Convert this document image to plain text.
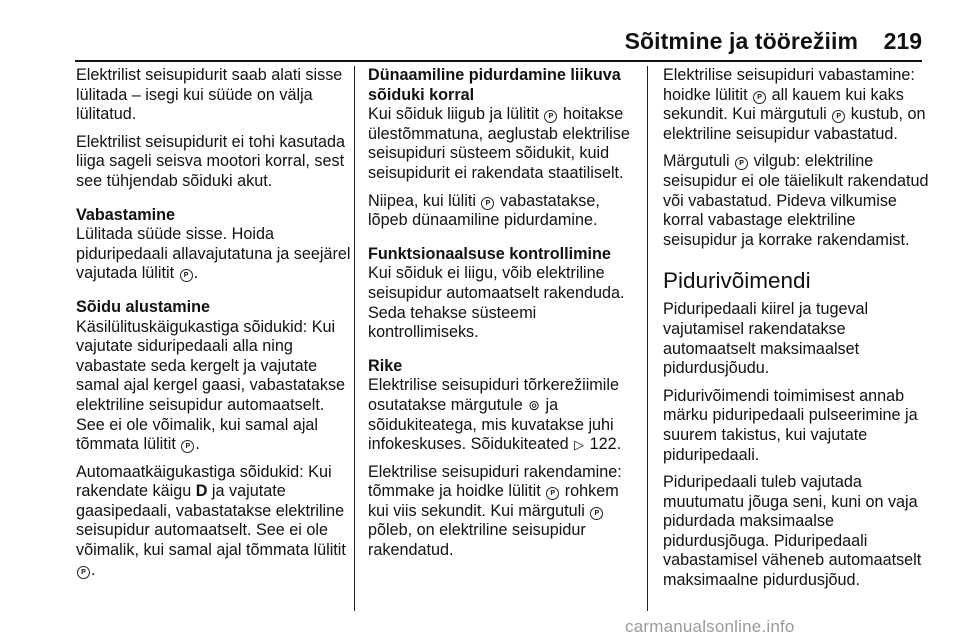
Sõitmine ja töörežiim 219

Elektrilist seisupidurit saab alati sisse lülitada – isegi kui süüde on välja lülitatud.

Elektrilist seisupidurit ei tohi kasutada liiga sageli seisva mootori korral, sest see tühjendab sõiduki akut.

Vabastamine

Lülitada süüde sisse. Hoida piduripedaali allavajutatuna ja seejärel vajutada lülitit P .

Sõidu alustamine

Käsilülituskäigukastiga sõidukid: Kui vajutate siduripedaali alla ning vabastate seda kergelt ja vajutate samal ajal kergel gaasi, vabastatakse elektriline seisupidur automaatselt. See ei ole võimalik, kui samal ajal tõmmata lülitit P .

Automaatkäigukastiga sõidukid: Kui rakendate käigu D ja vajutate gaasipedaali, vabastatakse elektriline seisupidur automaatselt. See ei ole võimalik, kui samal ajal tõmmata lülitit P .

Dünaamiline pidurdamine liikuva sõiduki korral

Kui sõiduk liigub ja lülitit P hoitakse ülestõmmatuna, aeglustab elektrilise seisupiduri süsteem sõidukit, kuid seisupidurit ei rakendata staatiliselt.

Niipea, kui lüliti P vabastatakse, lõpeb dünaamiline pidurdamine.

Funktsionaalsuse kontrollimine

Kui sõiduk ei liigu, võib elektriline seisupidur automaatselt rakenduda. Seda tehakse süsteemi kontrollimiseks.

Rike

Elektrilise seisupiduri tõrkerežiimile osutatakse märgutule ⊚ ja sõidukiteatega, mis kuvatakse juhi infokeskuses. Sõidukiteated ▷ 122.

Elektrilise seisupiduri rakendamine: tõmmake ja hoidke lülitit P rohkem kui viis sekundit. Kui märgutuli P põleb, on elektriline seisupidur rakendatud.

Elektrilise seisupiduri vabastamine: hoidke lülitit P all kauem kui kaks sekundit. Kui märgutuli P kustub, on elektriline seisupidur vabastatud.

Märgutuli P vilgub: elektriline seisupidur ei ole täielikult rakendatud või vabastatud. Pideva vilkumise korral vabastage elektriline seisupidur ja korrake rakendamist.

Pidurivõimendi

Piduripedaali kiirel ja tugeval vajutamisel rakendatakse automaatselt maksimaalset pidurdusjõudu.

Pidurivõimendi toimimisest annab märku piduripedaali pulseerimine ja suurem takistus, kui vajutate piduripedaali.

Piduripedaali tuleb vajutada muutumatu jõuga seni, kuni on vaja pidurdada maksimaalse pidurdusjõuga. Piduripedaali vabastamisel väheneb automaatselt maksimaalne pidurdusjõud.

carmanualsonline.info
